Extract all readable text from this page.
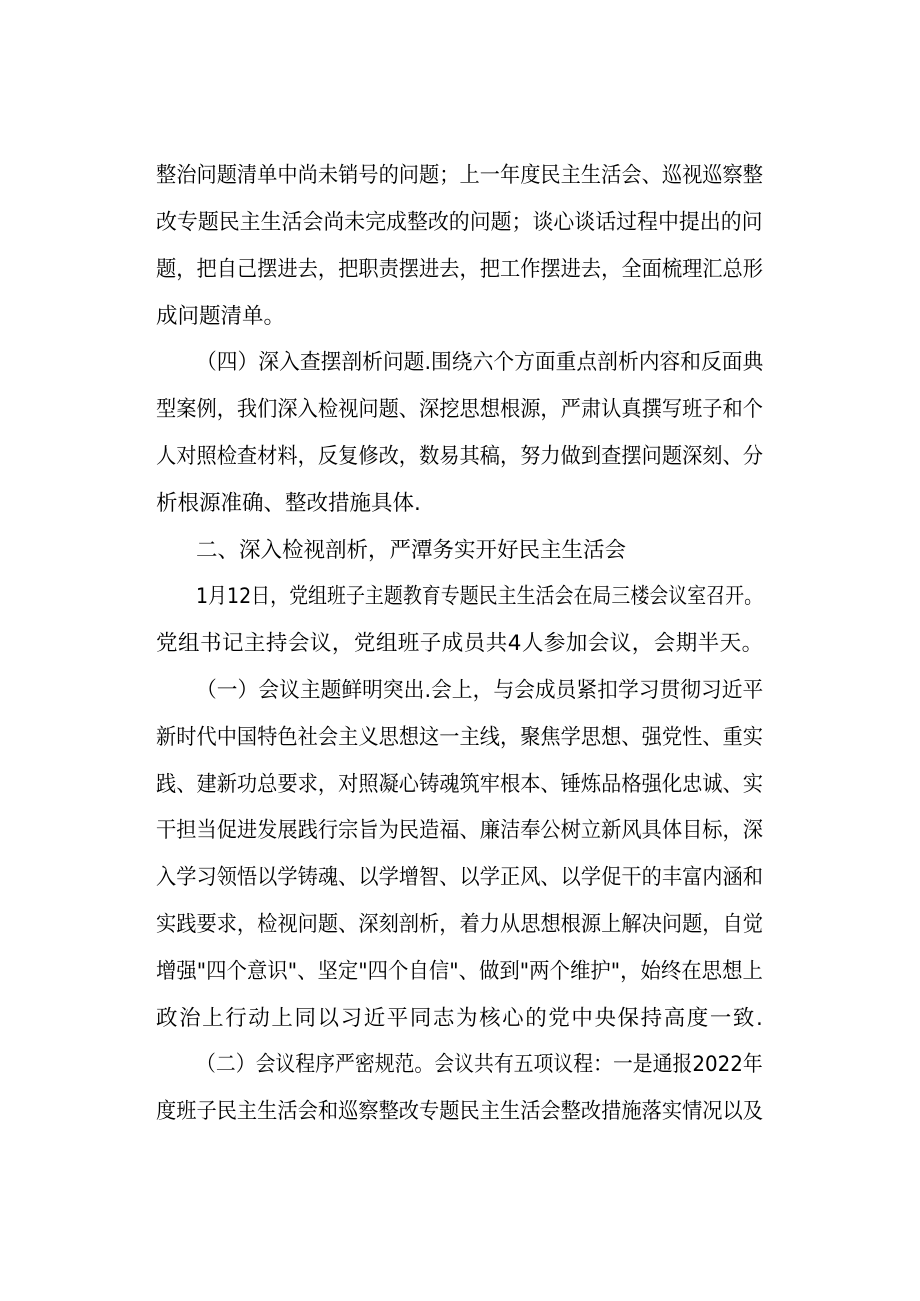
整治问题清单中尚未销号的问题；上一年度民主生活会、巡视巡察整
改专题民主生活会尚未完成整改的问题；谈心谈话过程中提出的问
题，把自己摆进去，把职责摆进去，把工作摆进去，全面梳理汇总形
成问题清单。
（四）深入查摆剖析问题.围绕六个方面重点剖析内容和反面典
型案例，我们深入检视问题、深挖思想根源，严肃认真撰写班子和个
人对照检查材料，反复修改，数易其稿，努力做到查摆问题深刻、分
析根源准确、整改措施具体.
二、深入检视剖析，严潭务实开好民主生活会
1月12日，党组班子主题教育专题民主生活会在局三楼会议室召开。
党组书记主持会议，党组班子成员共4人参加会议，会期半天。
（一）会议主题鲜明突出.会上，与会成员紧扣学习贯彻习近平
新时代中国特色社会主义思想这一主线，聚焦学思想、强党性、重实
践、建新功总要求，对照凝心铸魂筑牢根本、锤炼品格强化忠诚、实
干担当促进发展践行宗旨为民造福、廉洁奉公树立新风具体目标，深
入学习领悟以学铸魂、以学增智、以学正风、以学促干的丰富内涵和
实践要求，检视问题、深刻剖析，着力从思想根源上解决问题，自觉
增强"四个意识"、坚定"四个自信"、做到"两个维护"，始终在思想上
政治上行动上同以习近平同志为核心的党中央保持高度一致.
（二）会议程序严密规范。会议共有五项议程：一是通报2022年
度班子民主生活会和巡察整改专题民主生活会整改措施落实情况以及
